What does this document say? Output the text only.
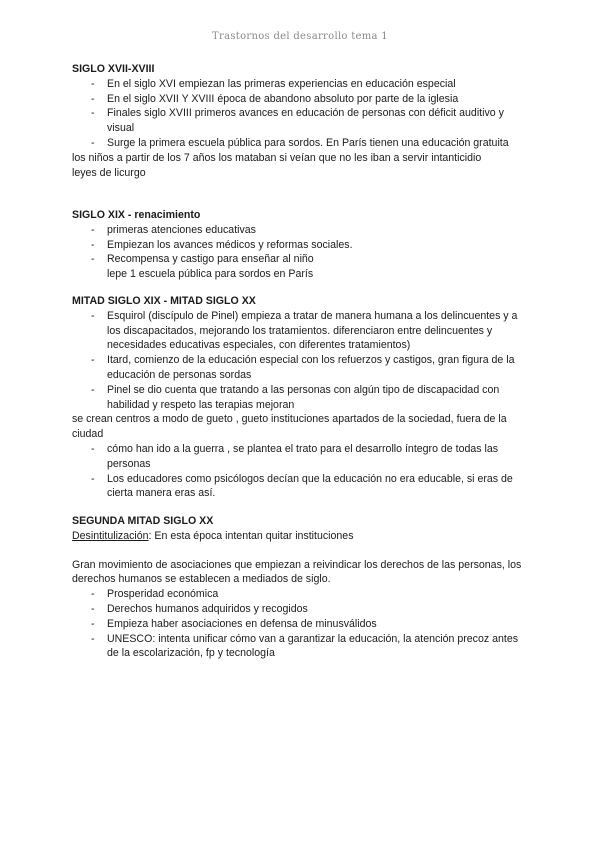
Trastornos del desarrollo tema 1

SIGLO XVII-XVIII

- En el siglo XVI empiezan las primeras experiencias en educación especial
- En el siglo XVII Y XVIII época de abandono absoluto por parte de la iglesia
- Finales siglo XVIII primeros avances en educación de personas con déficit auditivo y visual
- Surge la primera escuela pública para sordos. En París tienen una educación gratuita

los niños a partir de los 7 años los mataban si veían que no les iban a servir intanticidio

leyes de licurgo

SIGLO XIX - renacimiento

- primeras atenciones educativas
- Empiezan los avances médicos y reformas sociales.
- Recompensa y castigo para enseñar al niño
lepe 1 escuela pública para sordos en París

MITAD SIGLO XIX - MITAD SIGLO XX

- Esquirol (discípulo de Pinel) empieza a tratar de manera humana a los delincuentes y a los discapacitados, mejorando los tratamientos. diferenciaron entre delincuentes y necesidades educativas especiales, con diferentes tratamientos)
- Itard, comienzo de la educación especial con los refuerzos y castigos, gran figura de la educación de personas sordas
- Pinel se dio cuenta que tratando a las personas con algún tipo de discapacidad con habilidad y respeto las terapias mejoran

se crean centros a modo de gueto , gueto instituciones apartados de la sociedad, fuera de la ciudad

- cómo han ido a la guerra , se plantea el trato para el desarrollo íntegro de todas las personas
- Los educadores como psicólogos decían que la educación no era educable, si eras de cierta manera eras así.

SEGUNDA MITAD SIGLO XX

Desintitulización: En esta época intentan quitar instituciones

Gran movimiento de asociaciones que empiezan a reivindicar los derechos de las personas, los derechos humanos se establecen a mediados de siglo.

- Prosperidad económica
- Derechos humanos adquiridos y recogidos
- Empieza haber asociaciones en defensa de minusválidos
- UNESCO: intenta unificar cómo van a garantizar la educación, la atención precoz antes de la escolarización, fp y tecnología
